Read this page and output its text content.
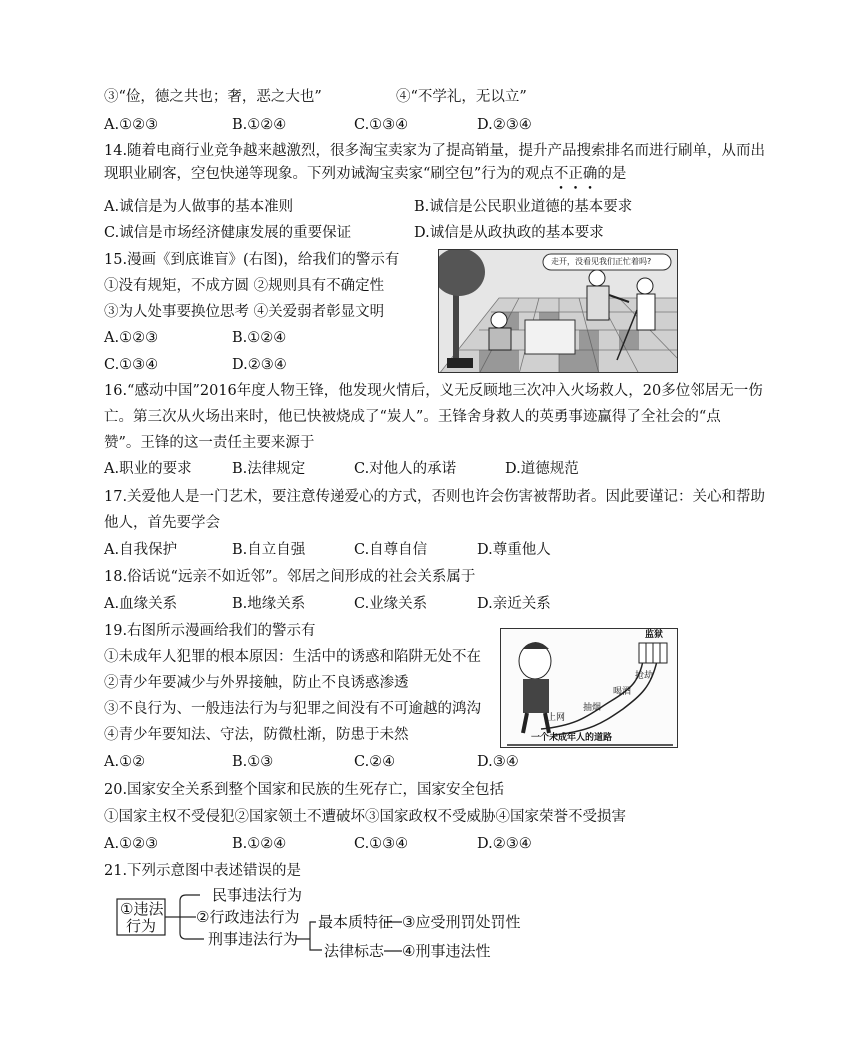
③“俭，德之共也；奢，恶之大也”	④“不学礼，无以立”
A.①②③	B.①②④	C.①③④	D.②③④
14.随着电商行业竞争越来越激烈，很多淘宝卖家为了提高销量，提升产品搜索排名而进行刷单，从而出
现职业刷客，空包快递等现象。下列劝诫淘宝卖家“刷空包”行为的观点不正确的是
A.诚信是为人做事的基本准则	B.诚信是公民职业道德的基本要求
C.诚信是市场经济健康发展的重要保证	D.诚信是从政执政的基本要求
15.漫画《到底谁盲》(右图)，给我们的警示有
①没有规矩，不成方圆 ②规则具有不确定性
③为人处事要换位思考 ④关爱弱者彰显文明
A.①②③	B.①②④
C.①③④	D.②③④
走开，没看见我们正忙着吗?
16.“感动中国”2016年度人物王锋，他发现火情后，义无反顾地三次冲入火场救人，20多位邻居无一伤
亡。第三次从火场出来时，他已快被烧成了“炭人”。王锋舍身救人的英勇事迹赢得了全社会的“点
赞”。王锋的这一责任主要来源于
A.职业的要求	B.法律规定	C.对他人的承诺	D.道德规范
17.关爱他人是一门艺术，要注意传递爱心的方式，否则也许会伤害被帮助者。因此要谨记：关心和帮助
他人，首先要学会
A.自我保护	B.自立自强	C.自尊自信	D.尊重他人
18.俗话说“远亲不如近邻”。邻居之间形成的社会关系属于
A.血缘关系	B.地缘关系	C.业缘关系	D.亲近关系
19.右图所示漫画给我们的警示有
①未成年人犯罪的根本原因：生活中的诱惑和陷阱无处不在
②青少年要减少与外界接触，防止不良诱惑渗透
③不良行为、一般违法行为与犯罪之间没有不可逾越的鸿沟
④青少年要知法、守法，防微杜渐，防患于未然
A.①②	B.①③	C.②④	D.③④
监狱
上网
抽烟
喝酒
抢劫
一个未成年人的道路
20.国家安全关系到整个国家和民族的生死存亡，国家安全包括
①国家主权不受侵犯②国家领土不遭破坏③国家政权不受威胁④国家荣誉不受损害
A.①②③	B.①②④	C.①③④	D.②③④
21.下列示意图中表述错误的是
①违法
行为
民事违法行为
②行政违法行为
刑事违法行为
最本质特征 ③应受刑罚处罚性
法律标志 ④刑事违法性
